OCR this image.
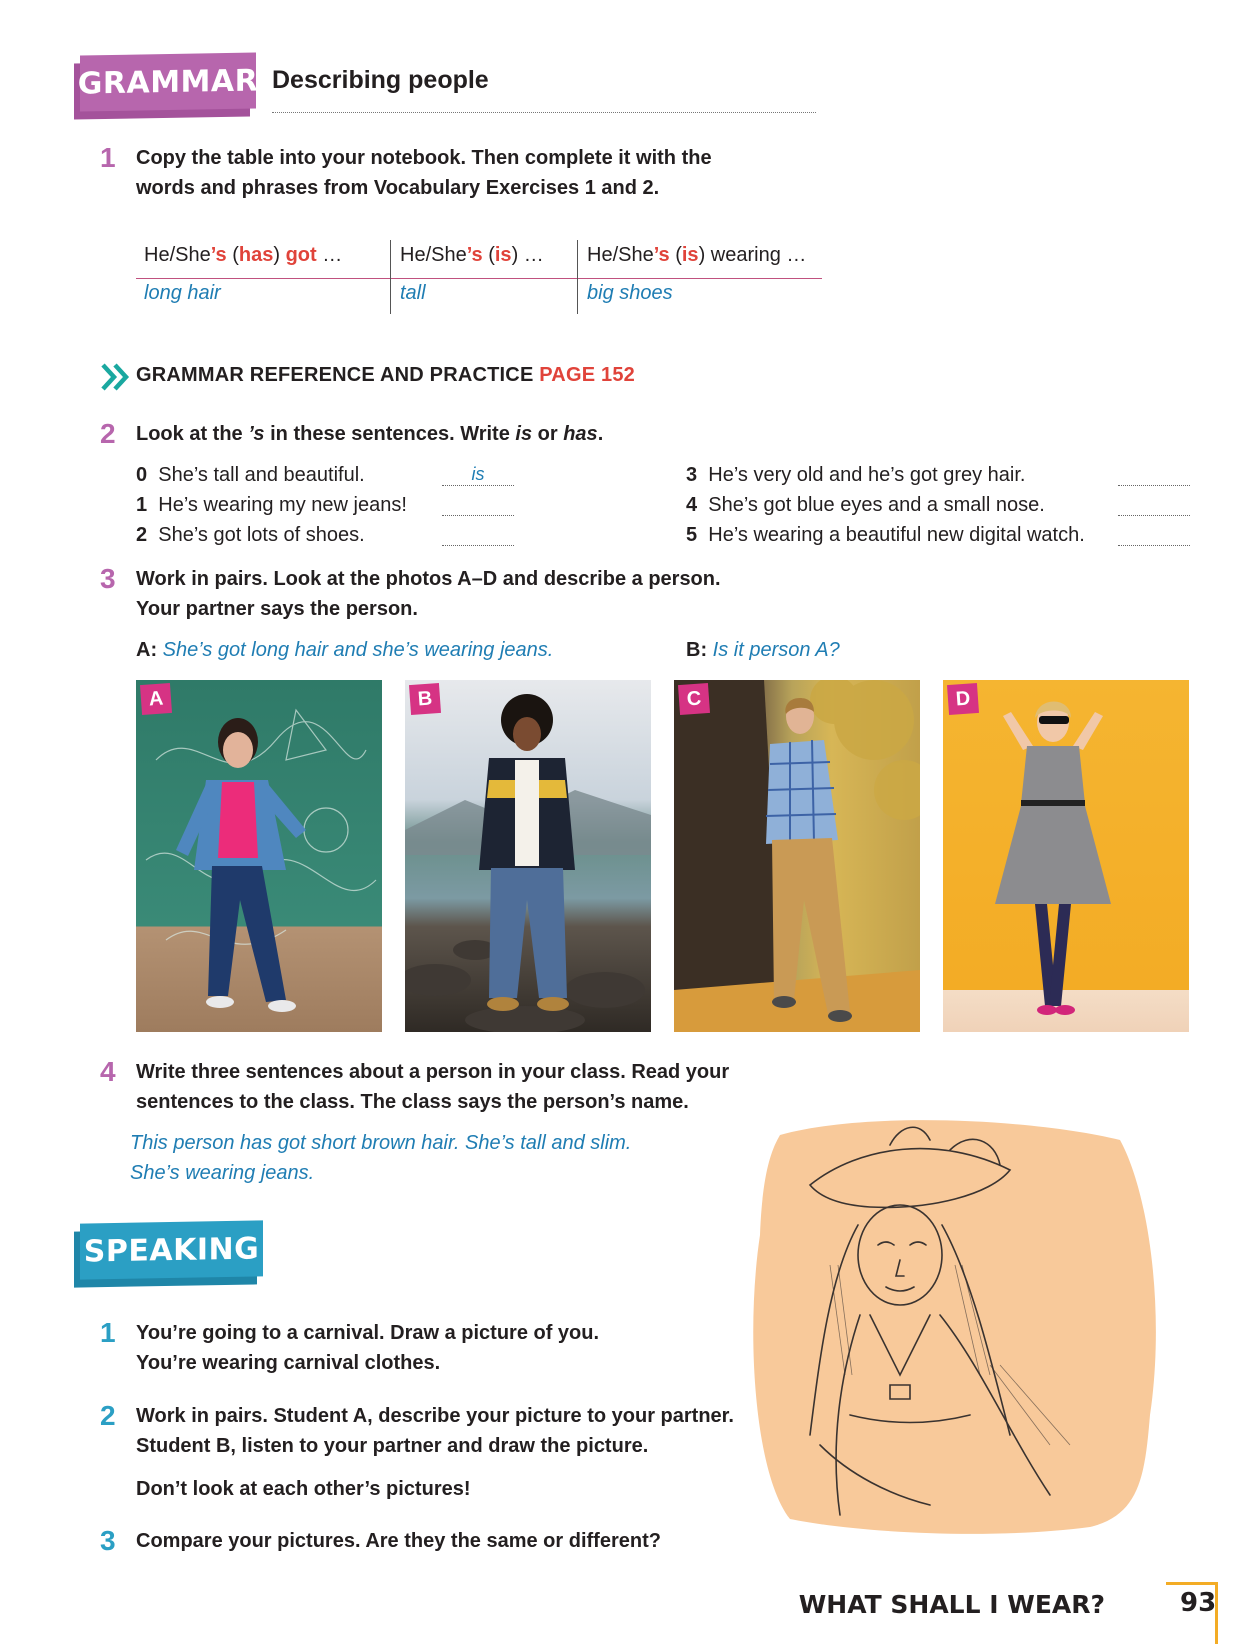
GRAMMAR Describing people
1 Copy the table into your notebook. Then complete it with the
words and phrases from Vocabulary Exercises 1 and 2.
He/She’s (has) got …	He/She’s (is) … He/She’s (is) wearing …
long hair	tall	big shoes
GRAMMAR REFERENCE AND PRACTICE PAGE 152
2 Look at the ’s in these sentences. Write is or has.
0 She’s tall and beautiful.	is
1 He’s wearing my new jeans!
2 She’s got lots of shoes.
3 He’s very old and he’s got grey hair.
4 She’s got blue eyes and a small nose.
5 He’s wearing a beautiful new digital watch.
3 Work in pairs. Look at the photos A–D and describe a person.
Your partner says the person.
A: She’s got long hair and she’s wearing jeans.	B: Is it person A?
A	B	C	D
4 Write three sentences about a person in your class. Read your
sentences to the class. The class says the person’s name.
This person has got short brown hair. She’s tall and slim.
She’s wearing jeans.
SPEAKING
1 You’re going to a carnival. Draw a picture of you.
You’re wearing carnival clothes.
2 Work in pairs. Student A, describe your picture to your partner.
Student B, listen to your partner and draw the picture.
Don’t look at each other’s pictures!
3 Compare your pictures. Are they the same or different?
WHAT SHALL I WEAR?	93
